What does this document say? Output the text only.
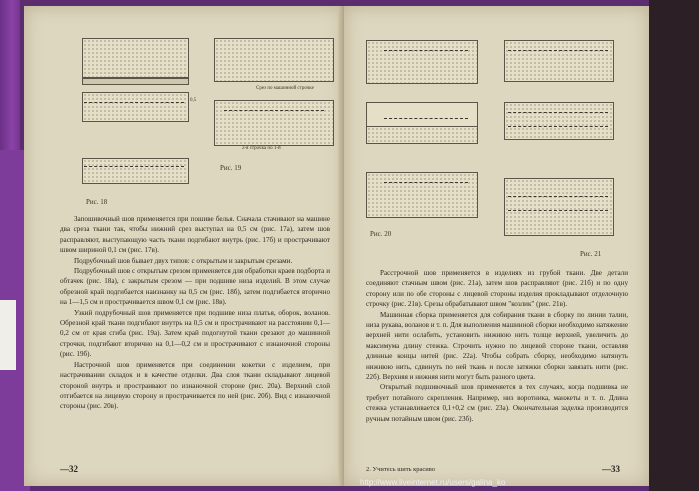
0,5
Рис. 18
Срез по машинной строчке
2-я строчка по 1-й
Рис. 19

Запошивочный шов применяется при пошиве белья. Сначала стачивают на машине два среза ткани так, чтобы нижний срез выступал на 0,5 см (рис. 17а), затем шов расправляют, выступающую часть ткани подгибают внутрь (рис. 17б) и прострачивают швом шириной 0,1 см (рис. 17в).

Подрубочный шов бывает двух типов: с открытым и закрытым срезами.

Подрубочный шов с открытым срезом применяется для обработки краев подборта и обтачек (рис. 18а), с закрытым срезом — при подшиве низа изделий. В этом случае обрезной край подгибается наизнанку на 0,5 см (рис. 18б), затем подгибается вторично на 1—1,5 см и прострачивается швом 0,1 см (рис. 18в).

Узкий подрубочный шов применяется при подшиве низа платья, оборок, воланов. Обрезной край ткани подгибают внутрь на 0,5 см и прострачивают на расстоянии 0,1—0,2 см от края сгиба (рис. 19а). Затем край подогнутой ткани срезают до машинной строчки, подгибают вторично на 0,1—0,2 см и прострачивают с изнаночной стороны (рис. 19б).

Настрочной шов применяется при соединении кокетки с изделием, при настрачивании складок и в качестве отделки. Два слоя ткани складывают лицевой стороной внутрь и простраивают по изнаночной стороне (рис. 20а). Верхний слой отгибается на лицевую сторону и прострачивается по ней (рис. 20б). Вид с изнаночной стороны (рис. 20в).

—32
Рис. 20
Рис. 21

Расстрочной шов применяется в изделиях из грубой ткани. Две детали соединяют стачным швом (рис. 21а), затем шов расправляют (рис. 21б) и по одну сторону или по обе стороны с лицевой стороны изделия прокладывают отделочную строчку (рис. 21в). Срезы обрабатывают швом "козлик" (рис. 21в).

Машинная сборка применяется для собирания ткани в сборку по линии талии, низа рукава, воланов и т. п. Для выполнения машинной сборки необходимо натяжение верхней нити ослабить, установить нижнюю нить толще верхней, увеличить до максимума длину стежка. Строчить нужно по лицевой стороне ткани, оставляя длинные концы нитей (рис. 22а). Чтобы собрать сборку, необходимо натянуть нижнюю нить, сдвинуть по ней ткань и после затяжки сборки завязать нити (рис. 22б). Верхняя и нижняя нити могут быть разного цвета.

Открытый подшивочный шов применяется в тех случаях, когда подшивка не требует потайного скрепления. Например, низ воротника, манжеты и т. п. Длина стежка устанавливается 0,1+0,2 см (рис. 23а). Окончательная заделка производится ручным потайным швом (рис. 23б).

2. Учитесь шить красиво	—33
http://www.liveinternet.ru/users/galina_ko
